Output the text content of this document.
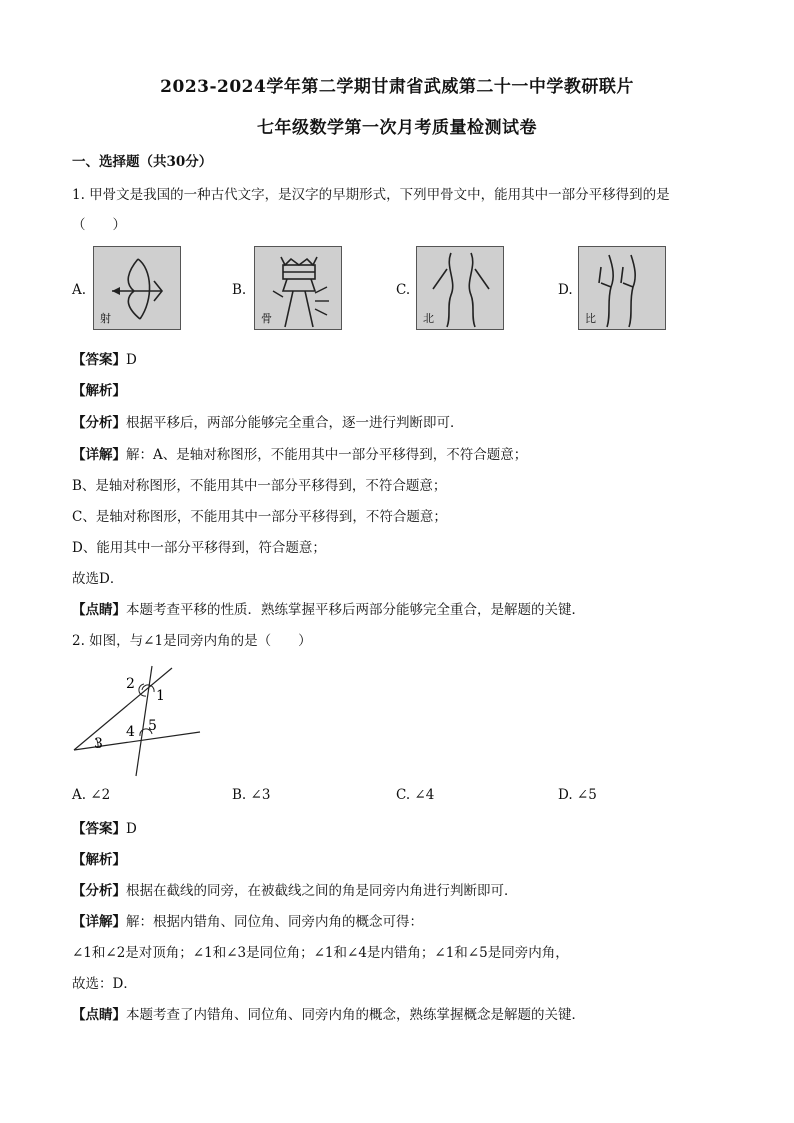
2023-2024学年第二学期甘肃省武威第二十一中学教研联片
七年级数学第一次月考质量检测试卷
一、选择题（共30分）
1. 甲骨文是我国的一种古代文字，是汉字的早期形式，下列甲骨文中，能用其中一部分平移得到的是
（　　）
A.
射
B.
骨
C.
北
D.
比
【答案】D
【解析】
【分析】根据平移后，两部分能够完全重合，逐一进行判断即可．
【详解】解：A、是轴对称图形，不能用其中一部分平移得到，不符合题意；
B、是轴对称图形，不能用其中一部分平移得到，不符合题意；
C、是轴对称图形，不能用其中一部分平移得到，不符合题意；
D、能用其中一部分平移得到，符合题意；
故选D．
【点睛】本题考查平移的性质．熟练掌握平移后两部分能够完全重合，是解题的关键．
2. 如图，与∠1是同旁内角的是（　　）
2
1
4 5
3
A. ∠2	B. ∠3	C. ∠4	D. ∠5
【答案】D
【解析】
【分析】根据在截线的同旁，在被截线之间的角是同旁内角进行判断即可．
【详解】解：根据内错角、同位角、同旁内角的概念可得：
∠1和∠2是对顶角；∠1和∠3是同位角；∠1和∠4是内错角；∠1和∠5是同旁内角，
故选：D．
【点睛】本题考查了内错角、同位角、同旁内角的概念，熟练掌握概念是解题的关键．
